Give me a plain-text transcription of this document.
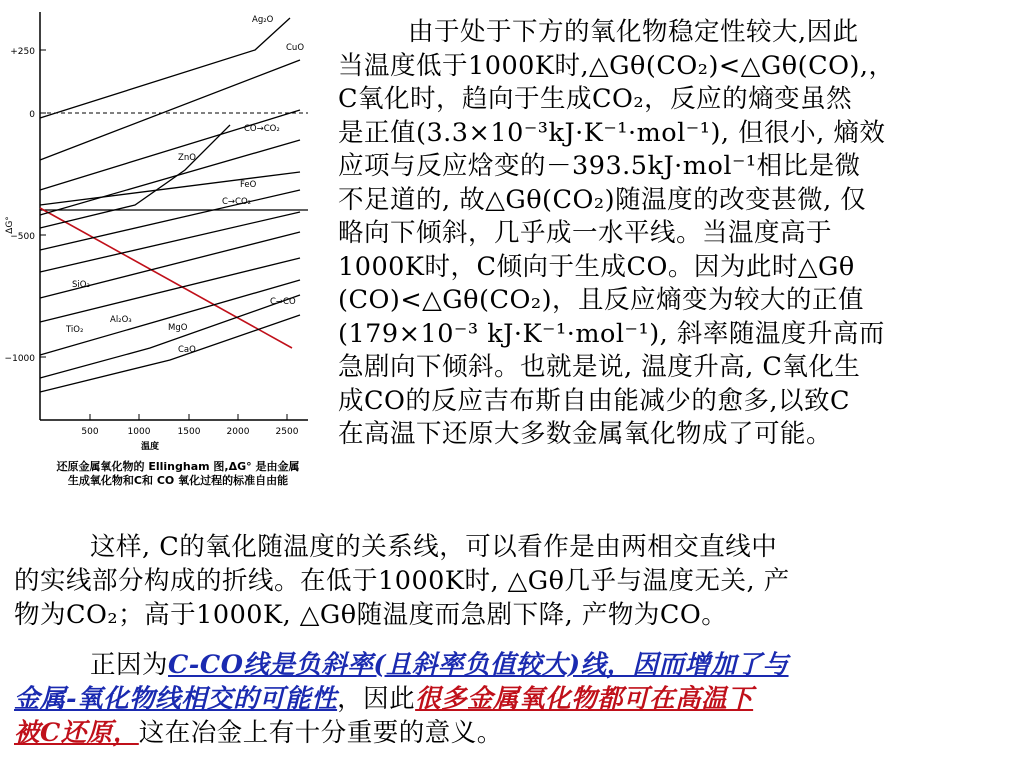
+250
0
−500
−1000
ΔG°
500	1000	1500	2000	2500
温度
Ag₂O
CuO
CO→CO₂
ZnO
FeO
C→CO₂
C→CO
SiO₂
Al₂O₃
TiO₂	MgO
CaO
还原金属氧化物的 Ellingham 图,ΔG° 是由金属
生成氧化物和C和 CO 氧化过程的标准自由能
由于处于下方的氧化物稳定性较大,因此
当温度低于1000K时,△Gθ(CO₂)<△Gθ(CO),，
C氧化时，趋向于生成CO₂，反应的熵变虽然
是正值(3.3×10⁻³kJ·K⁻¹·mol⁻¹), 但很小, 熵效
应项与反应焓变的－393.5kJ·mol⁻¹相比是微
不足道的, 故△Gθ(CO₂)随温度的改变甚微, 仅
略向下倾斜，几乎成一水平线。当温度高于
1000K时，C倾向于生成CO。因为此时△Gθ
(CO)<△Gθ(CO₂)，且反应熵变为较大的正值
(179×10⁻³ kJ·K⁻¹·mol⁻¹), 斜率随温度升高而
急剧向下倾斜。也就是说, 温度升高, C氧化生
成CO的反应吉布斯自由能减少的愈多,以致C
在高温下还原大多数金属氧化物成了可能。
这样, C的氧化随温度的关系线，可以看作是由两相交直线中
的实线部分构成的折线。在低于1000K时, △Gθ几乎与温度无关, 产
物为CO₂；高于1000K, △Gθ随温度而急剧下降, 产物为CO。
正因为C-CO线是负斜率(且斜率负值较大)线，因而增加了与
金属-氧化物线相交的可能性，因此很多金属氧化物都可在高温下
被C还原，这在冶金上有十分重要的意义。
